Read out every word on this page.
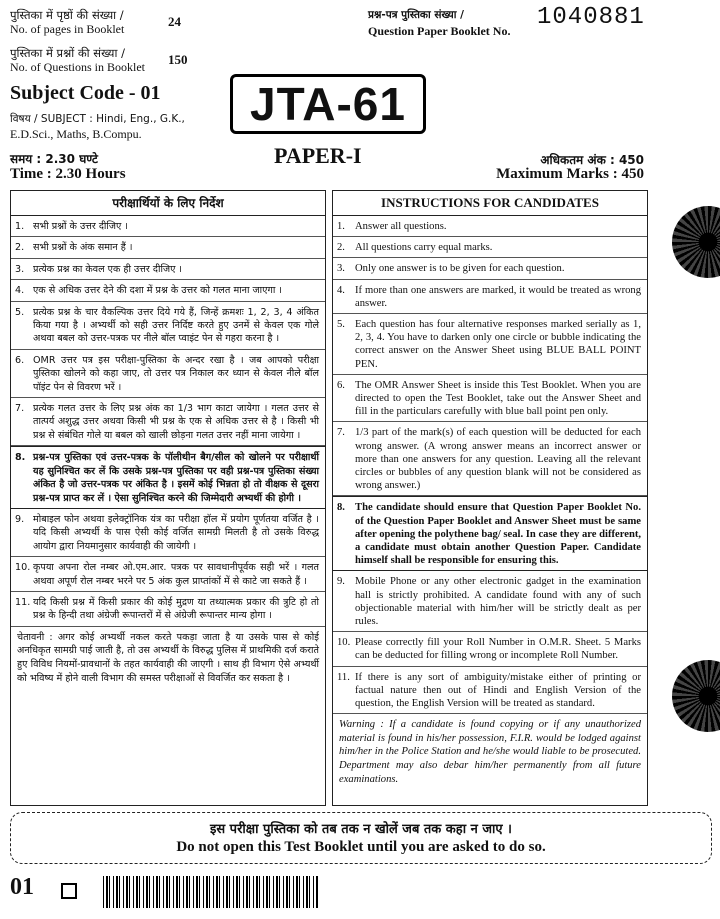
पुस्तिका में पृष्ठों की संख्या /
No. of pages in Booklet	24
पुस्तिका में प्रश्नों की संख्या /
No. of Questions in Booklet 150
Subject Code - 01
विषय / SUBJECT : Hindi, Eng., G.K.,
E.D.Sci., Maths, B.Compu.
समय : 2.30 घण्टे
Time : 2.30 Hours
प्रश्न-पत्र पुस्तिका संख्या /
Question Paper Booklet No. 1040881
JTA-61
PAPER-I	अधिकतम अंक : 450
Maximum Marks : 450
परीक्षार्थियों के लिए निर्देश
1. सभी प्रश्नों के उत्तर दीजिए ।
2. सभी प्रश्नों के अंक समान हैं ।
3. प्रत्येक प्रश्न का केवल एक ही उत्तर दीजिए ।
4. एक से अधिक उत्तर देने की दशा में प्रश्न के उत्तर को गलत माना जाएगा ।
5. प्रत्येक प्रश्न के चार वैकल्पिक उत्तर दिये गये हैं, जिन्हें क्रमशः 1, 2, 3, 4 अंकित किया गया है । अभ्यर्थी को सही उत्तर निर्दिष्ट करते हुए उनमें से केवल एक गोले अथवा बबल को उत्तर-पत्रक पर नीले बॉल प्वाइंट पेन से गहरा करना है ।
6. OMR उत्तर पत्र इस परीक्षा-पुस्तिका के अन्दर रखा है । जब आपको परीक्षा पुस्तिका खोलने को कहा जाए, तो उत्तर पत्र निकाल कर ध्यान से केवल नीले बॉल पॉइंट पेन से विवरण भरें ।
7. प्रत्येक गलत उत्तर के लिए प्रश्न अंक का 1/3 भाग काटा जायेगा । गलत उत्तर से तात्पर्य अशुद्ध उत्तर अथवा किसी भी प्रश्न के एक से अधिक उत्तर से है । किसी भी प्रश्न से संबंधित गोले या बबल को खाली छोड़ना गलत उत्तर नहीं माना जायेगा ।
8. प्रश्न-पत्र पुस्तिका एवं उत्तर-पत्रक के पॉलीथीन बैग/सील को खोलने पर परीक्षार्थी यह सुनिश्चित कर लें कि उसके प्रश्न-पत्र पुस्तिका पर वही प्रश्न-पत्र पुस्तिका संख्या अंकित है जो उत्तर-पत्रक पर अंकित है । इसमें कोई भिन्नता हो तो वीक्षक से दूसरा प्रश्न-पत्र प्राप्त कर लें । ऐसा सुनिश्चित करने की जिम्मेदारी अभ्यर्थी की होगी ।
9. मोबाइल फोन अथवा इलेक्ट्रॉनिक यंत्र का परीक्षा हॉल में प्रयोग पूर्णतया वर्जित है । यदि किसी अभ्यर्थी के पास ऐसी कोई वर्जित सामग्री मिलती है तो उसके विरुद्ध आयोग द्वारा नियमानुसार कार्यवाही की जायेगी ।
10. कृपया अपना रोल नम्बर ओ.एम.आर. पत्रक पर सावधानीपूर्वक सही भरें । गलत अथवा अपूर्ण रोल नम्बर भरने पर 5 अंक कुल प्राप्तांकों में से काटे जा सकते हैं ।
11. यदि किसी प्रश्न में किसी प्रकार की कोई मुद्रण या तथ्यात्मक प्रकार की त्रुटि हो तो प्रश्न के हिन्दी तथा अंग्रेजी रूपान्तरों में से अंग्रेजी रूपान्तर मान्य होगा ।
चेतावनी : अगर कोई अभ्यर्थी नकल करते पकड़ा जाता है या उसके पास से कोई अनधिकृत सामग्री पाई जाती है, तो उस अभ्यर्थी के विरुद्ध पुलिस में प्राथमिकी दर्ज कराते हुए विविध नियमों-प्रावधानों के तहत कार्यवाही की जाएगी । साथ ही विभाग ऐसे अभ्यर्थी को भविष्य में होने वाली विभाग की समस्त परीक्षाओं से विवर्जित कर सकता है ।
INSTRUCTIONS FOR CANDIDATES
1. Answer all questions.
2. All questions carry equal marks.
3. Only one answer is to be given for each question.
4. If more than one answers are marked, it would be treated as wrong answer.
5. Each question has four alternative responses marked serially as 1, 2, 3, 4. You have to darken only one circle or bubble indicating the correct answer on the Answer Sheet using BLUE BALL POINT PEN.
6. The OMR Answer Sheet is inside this Test Booklet. When you are directed to open the Test Booklet, take out the Answer Sheet and fill in the particulars carefully with blue ball point pen only.
7. 1/3 part of the mark(s) of each question will be deducted for each wrong answer. (A wrong answer means an incorrect answer or more than one answers for any question. Leaving all the relevant circles or bubbles of any question blank will not be considered as wrong answer.)
8. The candidate should ensure that Question Paper Booklet No. of the Question Paper Booklet and Answer Sheet must be same after opening the polythene bag/ seal. In case they are different, a candidate must obtain another Question Paper. Candidate himself shall be responsible for ensuring this.
9. Mobile Phone or any other electronic gadget in the examination hall is strictly prohibited. A candidate found with any of such objectionable material with him/her will be strictly dealt as per rules.
10. Please correctly fill your Roll Number in O.M.R. Sheet. 5 Marks can be deducted for filling wrong or incomplete Roll Number.
11. If there is any sort of ambiguity/mistake either of printing or factual nature then out of Hindi and English Version of the question, the English Version will be treated as standard.
Warning : If a candidate is found copying or if any unauthorized material is found in his/her possession, F.I.R. would be lodged against him/her in the Police Station and he/she would liable to be prosecuted. Department may also debar him/her permanently from all future examinations.
इस परीक्षा पुस्तिका को तब तक न खोलें जब तक कहा न जाए ।
Do not open this Test Booklet until you are asked to do so.
01
